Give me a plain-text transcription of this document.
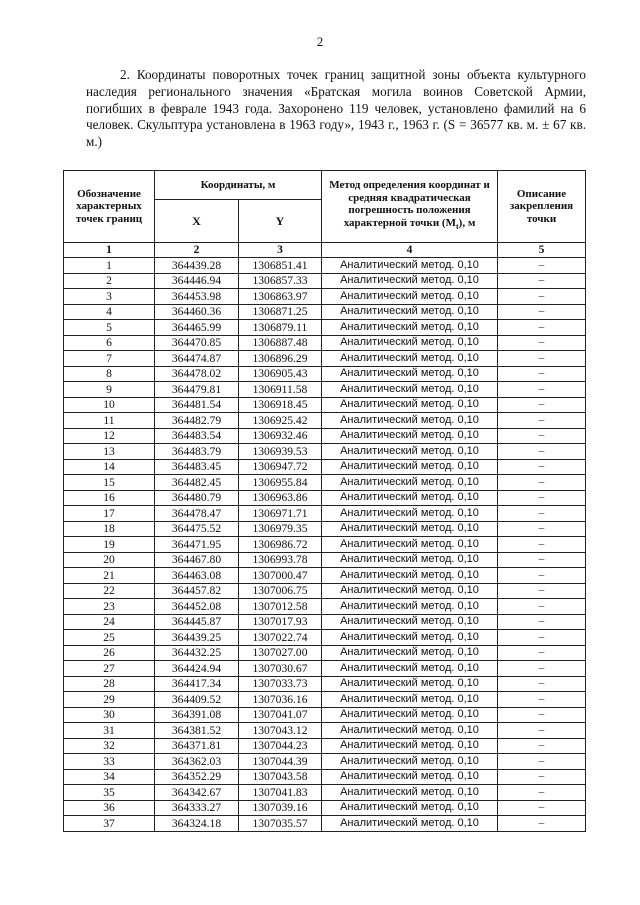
2
2. Координаты поворотных точек границ защитной зоны объекта культурного наследия регионального значения «Братская могила воинов Советской Армии, погибших в феврале 1943 года. Захоронено 119 человек, установлено фамилий на 6 человек. Скульптура установлена в 1963 году», 1943 г., 1963 г. (S = 36577 кв. м. ± 67 кв. м.)
Обозначение характерных точек границ	Координаты, м		Метод определения координат и средняя квадратическая погрешность положения характерной точки $(M_t)$, м	Описание закрепления точки
	X	Y		
1	2	3	4	5
1	364439.28	1306851.41	Аналитический метод. 0,10	–
2	364446.94	1306857.33	Аналитический метод. 0,10	–
3	364453.98	1306863.97	Аналитический метод. 0,10	–
4	364460.36	1306871.25	Аналитический метод. 0,10	–
5	364465.99	1306879.11	Аналитический метод. 0,10	–
6	364470.85	1306887.48	Аналитический метод. 0,10	–
7	364474.87	1306896.29	Аналитический метод. 0,10	–
8	364478.02	1306905.43	Аналитический метод. 0,10	–
9	364479.81	1306911.58	Аналитический метод. 0,10	–
10	364481.54	1306918.45	Аналитический метод. 0,10	–
11	364482.79	1306925.42	Аналитический метод. 0,10	–
12	364483.54	1306932.46	Аналитический метод. 0,10	–
13	364483.79	1306939.53	Аналитический метод. 0,10	–
14	364483.45	1306947.72	Аналитический метод. 0,10	–
15	364482.45	1306955.84	Аналитический метод. 0,10	–
16	364480.79	1306963.86	Аналитический метод. 0,10	–
17	364478.47	1306971.71	Аналитический метод. 0,10	–
18	364475.52	1306979.35	Аналитический метод. 0,10	–
19	364471.95	1306986.72	Аналитический метод. 0,10	–
20	364467.80	1306993.78	Аналитический метод. 0,10	–
21	364463.08	1307000.47	Аналитический метод. 0,10	–
22	364457.82	1307006.75	Аналитический метод. 0,10	–
23	364452.08	1307012.58	Аналитический метод. 0,10	–
24	364445.87	1307017.93	Аналитический метод. 0,10	–
25	364439.25	1307022.74	Аналитический метод. 0,10	–
26	364432.25	1307027.00	Аналитический метод. 0,10	–
27	364424.94	1307030.67	Аналитический метод. 0,10	–
28	364417.34	1307033.73	Аналитический метод. 0,10	–
29	364409.52	1307036.16	Аналитический метод. 0,10	–
30	364391.08	1307041.07	Аналитический метод. 0,10	–
31	364381.52	1307043.12	Аналитический метод. 0,10	–
32	364371.81	1307044.23	Аналитический метод. 0,10	–
33	364362.03	1307044.39	Аналитический метод. 0,10	–
34	364352.29	1307043.58	Аналитический метод. 0,10	–
35	364342.67	1307041.83	Аналитический метод. 0,10	–
36	364333.27	1307039.16	Аналитический метод. 0,10	–
37	364324.18	1307035.57	Аналитический метод. 0,10	–
